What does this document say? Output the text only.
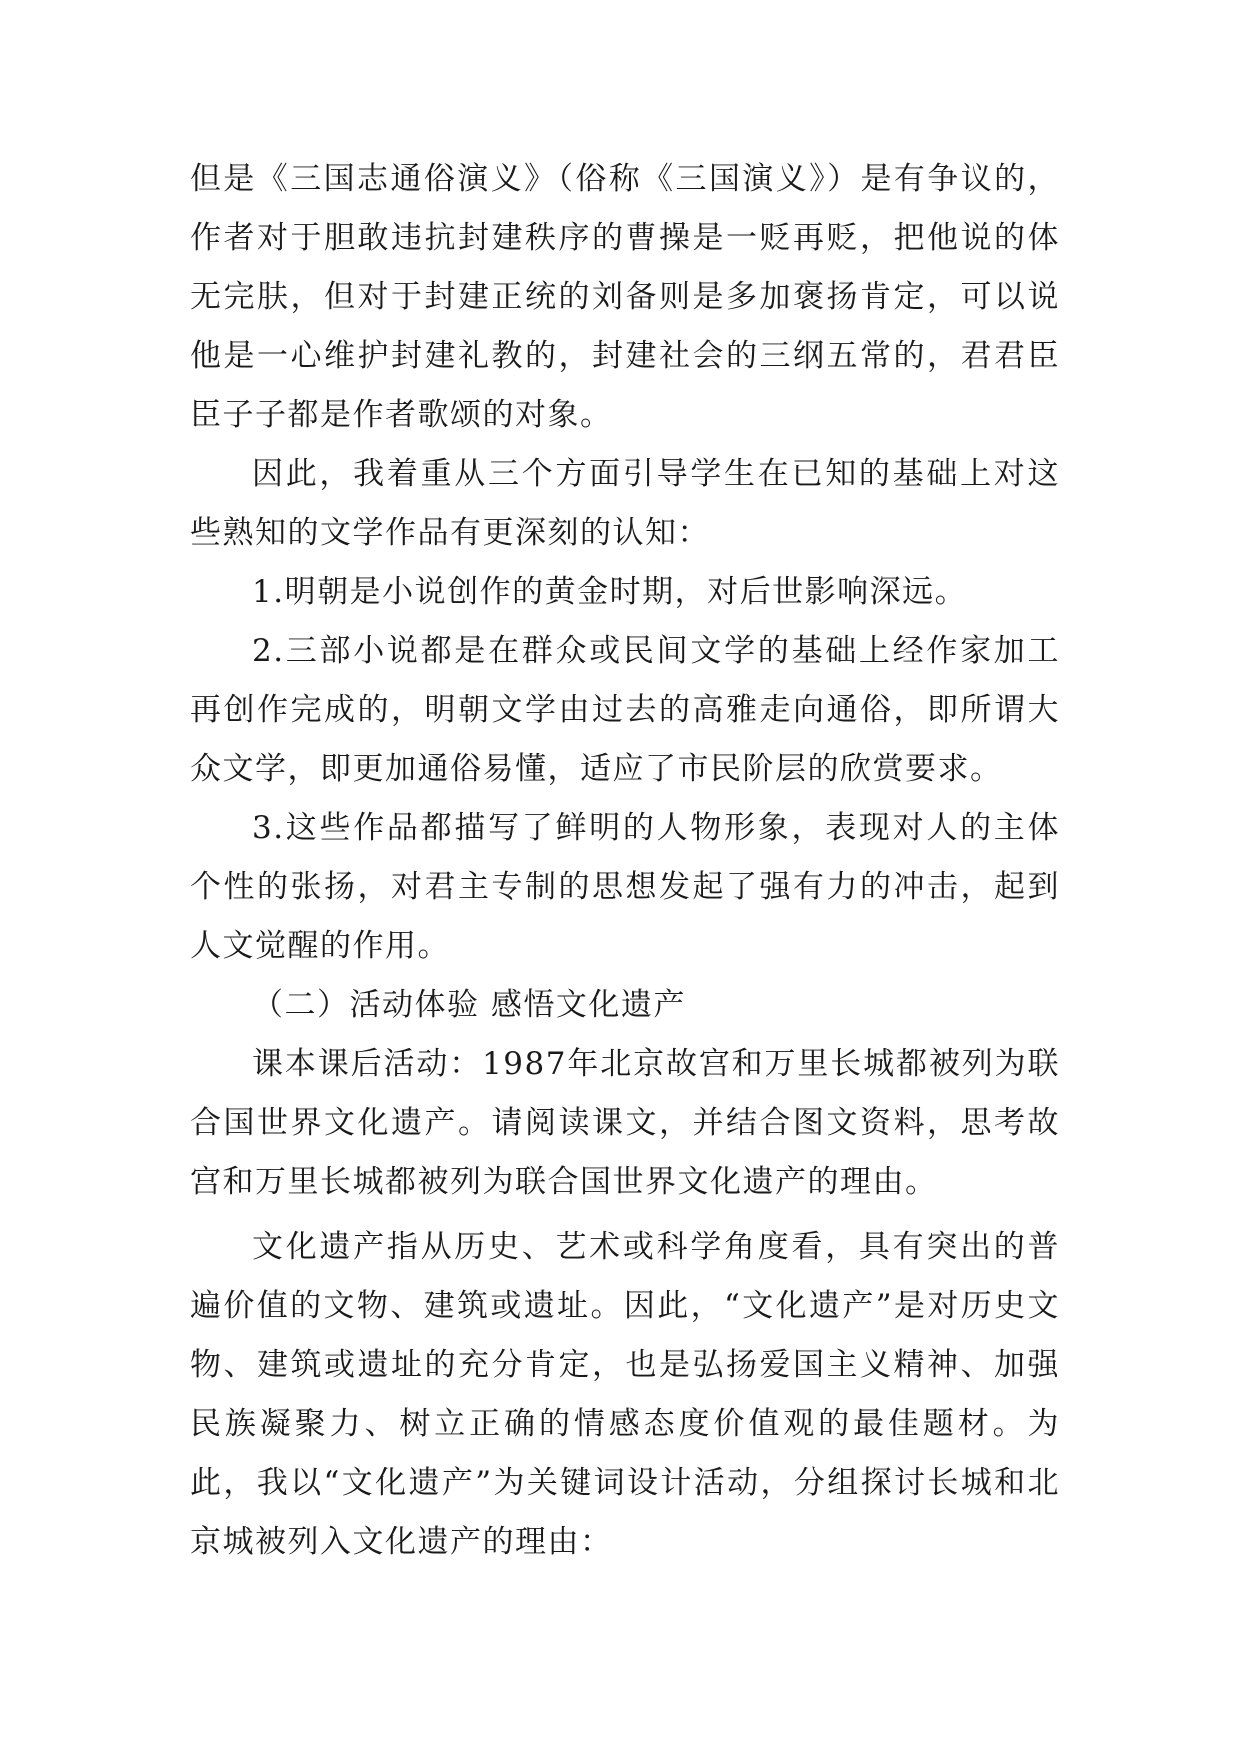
但是《三国志通俗演义》（俗称《三国演义》）是有争议的，作者对于胆敢违抗封建秩序的曹操是一贬再贬，把他说的体无完肤，但对于封建正统的刘备则是多加褒扬肯定，可以说他是一心维护封建礼教的，封建社会的三纲五常的，君君臣臣子子都是作者歌颂的对象。

因此，我着重从三个方面引导学生在已知的基础上对这些熟知的文学作品有更深刻的认知：

1.明朝是小说创作的黄金时期，对后世影响深远。

2.三部小说都是在群众或民间文学的基础上经作家加工再创作完成的，明朝文学由过去的高雅走向通俗，即所谓大众文学，即更加通俗易懂，适应了市民阶层的欣赏要求。

3.这些作品都描写了鲜明的人物形象，表现对人的主体个性的张扬，对君主专制的思想发起了强有力的冲击，起到人文觉醒的作用。

（二）活动体验 感悟文化遗产

课本课后活动：1987年北京故宫和万里长城都被列为联合国世界文化遗产。请阅读课文，并结合图文资料，思考故宫和万里长城都被列为联合国世界文化遗产的理由。

文化遗产指从历史、艺术或科学角度看，具有突出的普遍价值的文物、建筑或遗址。因此，“文化遗产”是对历史文物、建筑或遗址的充分肯定，也是弘扬爱国主义精神、加强民族凝聚力、树立正确的情感态度价值观的最佳题材。为此，我以“文化遗产”为关键词设计活动，分组探讨长城和北京城被列入文化遗产的理由：
